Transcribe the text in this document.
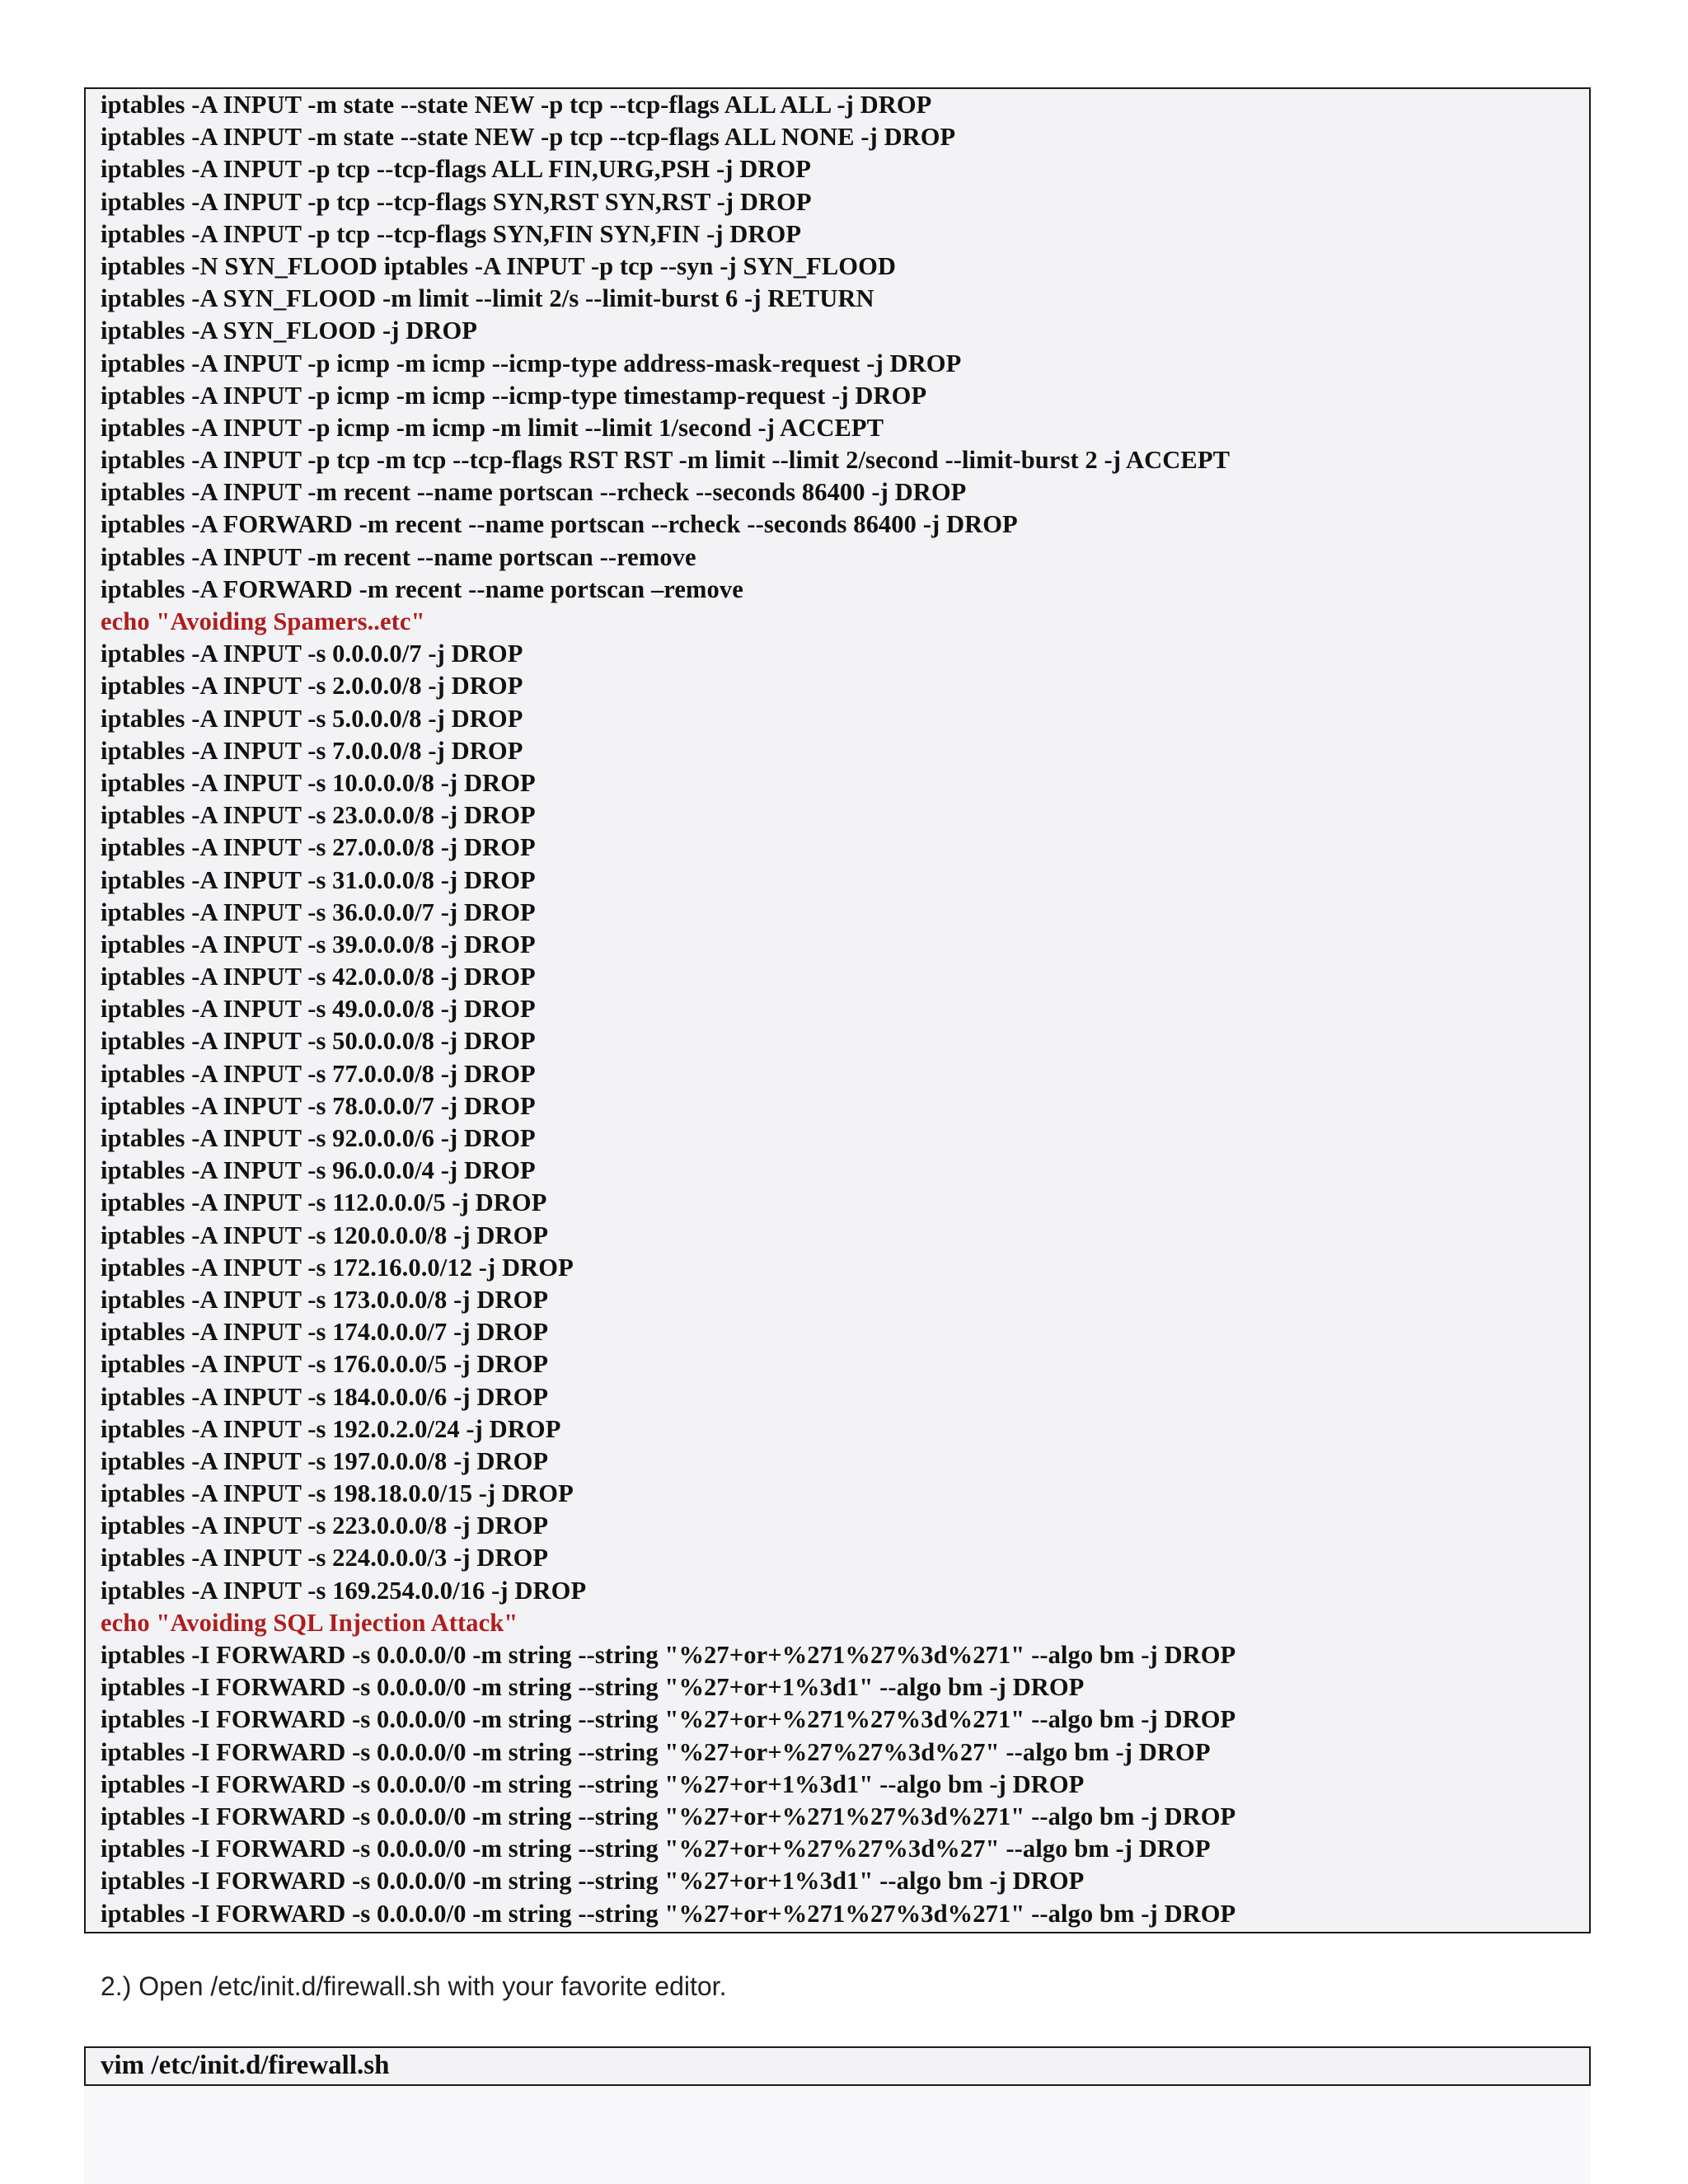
iptables -A INPUT -m state --state NEW -p tcp --tcp-flags ALL ALL -j DROP
iptables -A INPUT -m state --state NEW -p tcp --tcp-flags ALL NONE -j DROP
iptables -A INPUT -p tcp --tcp-flags ALL FIN,URG,PSH -j DROP
iptables -A INPUT -p tcp --tcp-flags SYN,RST SYN,RST -j DROP
iptables -A INPUT -p tcp --tcp-flags SYN,FIN SYN,FIN -j DROP
iptables -N SYN_FLOOD iptables -A INPUT -p tcp --syn -j SYN_FLOOD
iptables -A SYN_FLOOD -m limit --limit 2/s --limit-burst 6 -j RETURN
iptables -A SYN_FLOOD -j DROP
iptables -A INPUT -p icmp -m icmp --icmp-type address-mask-request -j DROP
iptables -A INPUT -p icmp -m icmp --icmp-type timestamp-request -j DROP
iptables -A INPUT -p icmp -m icmp -m limit --limit 1/second -j ACCEPT
iptables -A INPUT -p tcp -m tcp --tcp-flags RST RST -m limit --limit 2/second --limit-burst 2 -j ACCEPT
iptables -A INPUT -m recent --name portscan --rcheck --seconds 86400 -j DROP
iptables -A FORWARD -m recent --name portscan --rcheck --seconds 86400 -j DROP
iptables -A INPUT -m recent --name portscan --remove
iptables -A FORWARD -m recent --name portscan –remove
echo "Avoiding Spamers..etc"
iptables -A INPUT -s 0.0.0.0/7 -j DROP
iptables -A INPUT -s 2.0.0.0/8 -j DROP
iptables -A INPUT -s 5.0.0.0/8 -j DROP
iptables -A INPUT -s 7.0.0.0/8 -j DROP
iptables -A INPUT -s 10.0.0.0/8 -j DROP
iptables -A INPUT -s 23.0.0.0/8 -j DROP
iptables -A INPUT -s 27.0.0.0/8 -j DROP
iptables -A INPUT -s 31.0.0.0/8 -j DROP
iptables -A INPUT -s 36.0.0.0/7 -j DROP
iptables -A INPUT -s 39.0.0.0/8 -j DROP
iptables -A INPUT -s 42.0.0.0/8 -j DROP
iptables -A INPUT -s 49.0.0.0/8 -j DROP
iptables -A INPUT -s 50.0.0.0/8 -j DROP
iptables -A INPUT -s 77.0.0.0/8 -j DROP
iptables -A INPUT -s 78.0.0.0/7 -j DROP
iptables -A INPUT -s 92.0.0.0/6 -j DROP
iptables -A INPUT -s 96.0.0.0/4 -j DROP
iptables -A INPUT -s 112.0.0.0/5 -j DROP
iptables -A INPUT -s 120.0.0.0/8 -j DROP
iptables -A INPUT -s 172.16.0.0/12 -j DROP
iptables -A INPUT -s 173.0.0.0/8 -j DROP
iptables -A INPUT -s 174.0.0.0/7 -j DROP
iptables -A INPUT -s 176.0.0.0/5 -j DROP
iptables -A INPUT -s 184.0.0.0/6 -j DROP
iptables -A INPUT -s 192.0.2.0/24 -j DROP
iptables -A INPUT -s 197.0.0.0/8 -j DROP
iptables -A INPUT -s 198.18.0.0/15 -j DROP
iptables -A INPUT -s 223.0.0.0/8 -j DROP
iptables -A INPUT -s 224.0.0.0/3 -j DROP
iptables -A INPUT -s 169.254.0.0/16 -j DROP
echo "Avoiding SQL Injection Attack"
iptables -I FORWARD -s 0.0.0.0/0 -m string --string "%27+or+%271%27%3d%271" --algo bm -j DROP
iptables -I FORWARD -s 0.0.0.0/0 -m string --string "%27+or+1%3d1" --algo bm -j DROP
iptables -I FORWARD -s 0.0.0.0/0 -m string --string "%27+or+%271%27%3d%271" --algo bm -j DROP
iptables -I FORWARD -s 0.0.0.0/0 -m string --string "%27+or+%27%27%3d%27" --algo bm -j DROP
iptables -I FORWARD -s 0.0.0.0/0 -m string --string "%27+or+1%3d1" --algo bm -j DROP
iptables -I FORWARD -s 0.0.0.0/0 -m string --string "%27+or+%271%27%3d%271" --algo bm -j DROP
iptables -I FORWARD -s 0.0.0.0/0 -m string --string "%27+or+%27%27%3d%27" --algo bm -j DROP
iptables -I FORWARD -s 0.0.0.0/0 -m string --string "%27+or+1%3d1" --algo bm -j DROP
iptables -I FORWARD -s 0.0.0.0/0 -m string --string "%27+or+%271%27%3d%271" --algo bm -j DROP
2.) Open /etc/init.d/firewall.sh with your favorite editor.
vim /etc/init.d/firewall.sh
